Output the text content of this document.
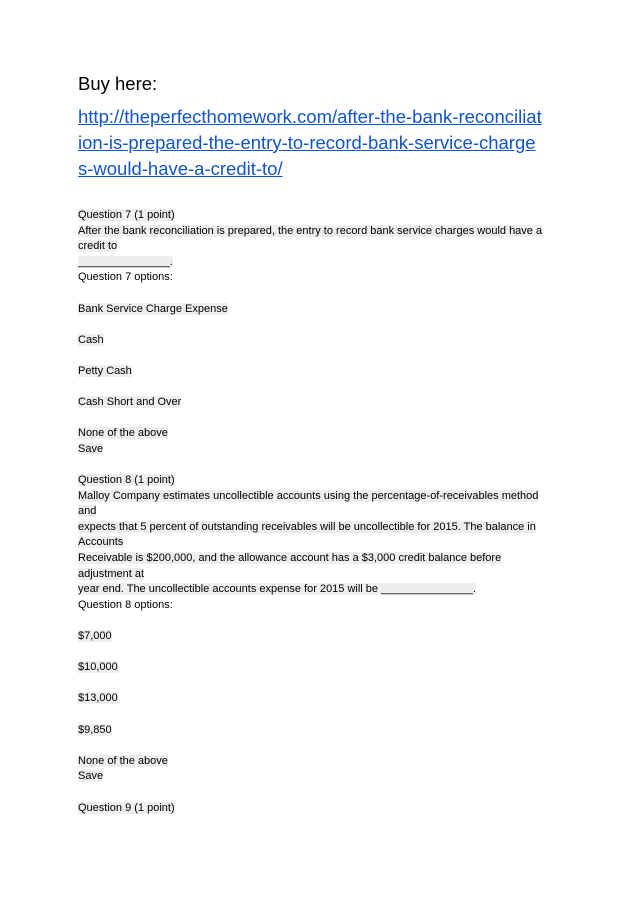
Buy here:
http://theperfecthomework.com/after-the-bank-reconciliat
ion-is-prepared-the-entry-to-record-bank-service-charge
s-would-have-a-credit-to/
Question 7 (1 point)
After the bank reconciliation is prepared, the entry to record bank service charges would have a
credit to
_______________.
Question 7 options:
Bank Service Charge Expense
Cash
Petty Cash
Cash Short and Over
None of the above
Save
Question 8 (1 point)
Malloy Company estimates uncollectible accounts using the percentage-of-receivables method
and
expects that 5 percent of outstanding receivables will be uncollectible for 2015. The balance in
Accounts
Receivable is $200,000, and the allowance account has a $3,000 credit balance before
adjustment at
year end. The uncollectible accounts expense for 2015 will be _______________.
Question 8 options:
$7,000
$10,000
$13,000
$9,850
None of the above
Save
Question 9 (1 point)
